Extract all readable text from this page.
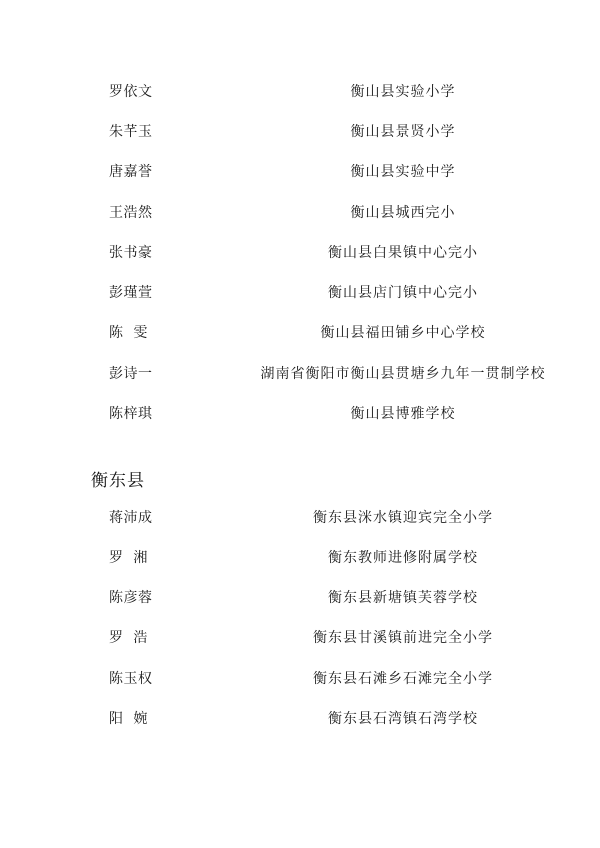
罗依文	衡山县实验小学
朱芊玉	衡山县景贤小学
唐嘉誉	衡山县实验中学
王浩然	衡山县城西完小
张书豪	衡山县白果镇中心完小
彭瑾萱	衡山县店门镇中心完小
陈  雯	衡山县福田铺乡中心学校
彭诗一	湖南省衡阳市衡山县贯塘乡九年一贯制学校
陈梓琪	衡山县博雅学校
衡东县
蒋沛成	衡东县洣水镇迎宾完全小学
罗  湘	衡东教师进修附属学校
陈彦蓉	衡东县新塘镇芙蓉学校
罗  浩	衡东县甘溪镇前进完全小学
陈玉权	衡东县石滩乡石滩完全小学
阳  婉	衡东县石湾镇石湾学校
